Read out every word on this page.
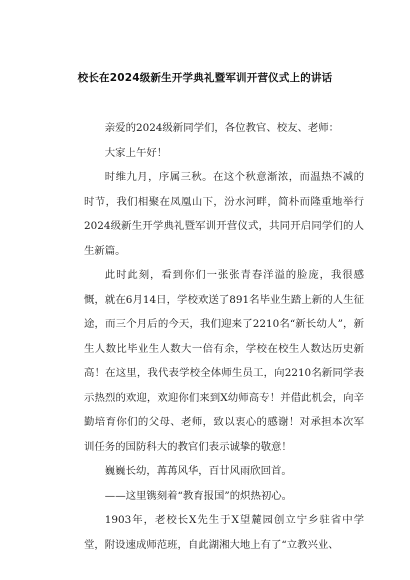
校长在2024级新生开学典礼暨军训开营仪式上的讲话

亲爱的2024级新同学们，各位教官、校友、老师：

大家上午好！

时维九月，序属三秋。在这个秋意渐浓，而温热不减的时节，我们相聚在凤凰山下，汾水河畔，简朴而隆重地举行2024级新生开学典礼暨军训开营仪式，共同开启同学们的人生新篇。

此时此刻，看到你们一张张青春洋溢的脸庞，我很感慨，就在6月14日，学校欢送了891名毕业生踏上新的人生征途，而三个月后的今天，我们迎来了2210名“新长幼人”，新生人数比毕业生人数大一倍有余，学校在校生人数达历史新高！在这里，我代表学校全体师生员工，向2210名新同学表示热烈的欢迎，欢迎你们来到X幼师高专！并借此机会，向辛勤培育你们的父母、老师，致以衷心的感谢！对承担本次军训任务的国防科大的教官们表示诚挚的敬意！

巍巍长幼，苒苒风华，百廿风雨欣回首。

——这里镌刻着“教育报国”的炽热初心。

1903年，老校长X先生于X望麓园创立宁乡驻省中学堂，附设速成师范班，自此湖湘大地上有了“立教兴业、
